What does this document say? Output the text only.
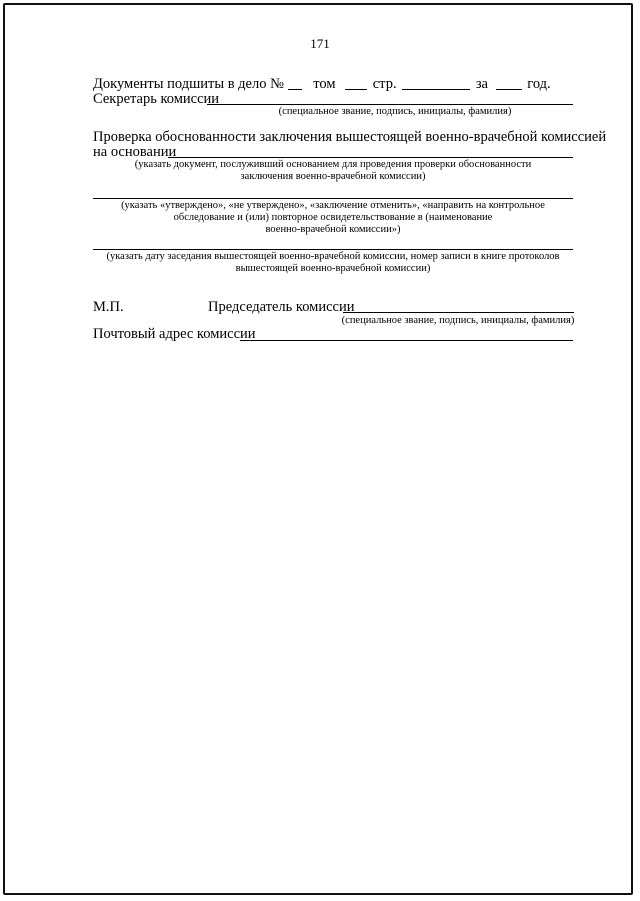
171
Документы подшиты в дело № том	стр.	за	год.
Секретарь комиссии
(специальное звание, подпись, инициалы, фамилия)
Проверка обоснованности заключения вышестоящей военно-врачебной комиссией
на основании
(указать документ, послуживший основанием для проведения проверки обоснованности
заключения военно-врачебной комиссии)
(указать «утверждено», «не утверждено», «заключение отменить», «направить на контрольное
обследование и (или) повторное освидетельствование в (наименование
военно-врачебной комиссии»)
(указать дату заседания вышестоящей военно-врачебной комиссии, номер записи в книге протоколов
вышестоящей военно-врачебной комиссии)
М.П.	Председатель комиссии
(специальное звание, подпись, инициалы, фамилия)
Почтовый адрес комиссии
